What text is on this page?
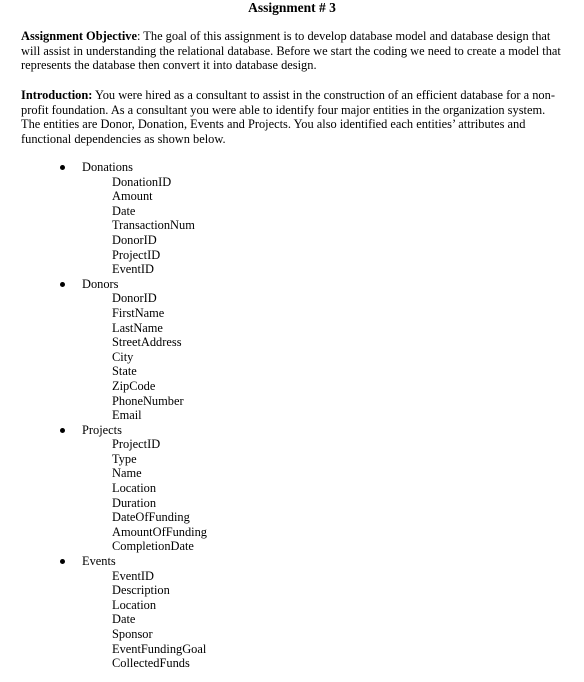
Assignment # 3

Assignment Objective: The goal of this assignment is to develop database model and database design that will assist in understanding the relational database. Before we start the coding we need to create a model that represents the database then convert it into database design.

Introduction: You were hired as a consultant to assist in the construction of an efficient database for a non-profit foundation. As a consultant you were able to identify four major entities in the organization system. The entities are Donor, Donation, Events and Projects. You also identified each entities’ attributes and functional dependencies as shown below.

Donations
DonationID
Amount
Date
TransactionNum
DonorID
ProjectID
EventID
Donors
DonorID
FirstName
LastName
StreetAddress
City
State
ZipCode
PhoneNumber
Email
Projects
ProjectID
Type
Name
Location
Duration
DateOfFunding
AmountOfFunding
CompletionDate
Events
EventID
Description
Location
Date
Sponsor
EventFundingGoal
CollectedFunds
